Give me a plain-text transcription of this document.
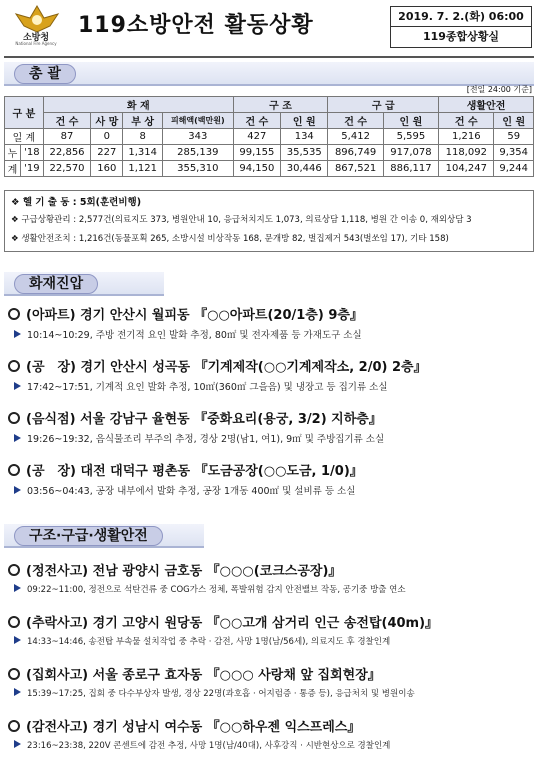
소방청
National Fire Agency
119소방안전 활동상황	2019. 7. 2.(화) 06:00
119종합상황실
총 괄
[전일 24:00 기준]
구 분		화 재				구 조		구 급		생활안전	
		건 수	사 망	부 상	피해액(백만원)	건 수	인 원	건 수	인 원	건 수	인 원
일 계		87	0	8	343	427	134	5,412	5,595	1,216	59
누	'18	22,856	227	1,314	285,139	99,155	35,535	896,749	917,078	118,092	9,354
계	'19	22,570	160	1,121	355,310	94,150	30,446	867,521	886,117	104,247	9,244
❖ 헬 기 출 동 : 5회(훈련비행)
❖ 구급상황관리 : 2,577건(의료지도 373, 병원안내 10, 응급처치지도 1,073, 의료상담 1,118, 병원 간 이송 0, 재외상담 3
❖ 생활안전조치 : 1,216건(동물포획 265, 소방시설 비상작동 168, 문개방 82, 벌집제거 543(벌쏘임 17), 기타 158)
화재진압
(아파트) 경기 안산시 월피동 『○○아파트(20/1층) 9층』
10:14~10:29, 주방 전기적 요인 발화 추정, 80㎡ 및 전자제품 등 가재도구 소실
(공　장) 경기 안산시 성곡동 『기계제작(○○기계제작소, 2/0) 2층』
17:42~17:51, 기계적 요인 발화 추정, 10㎡(360㎡ 그을음) 및 냉장고 등 집기류 소실
(음식점) 서울 강남구 율현동 『중화요리(용궁, 3/2) 지하층』
19:26~19:32, 음식물조리 부주의 추정, 경상 2명(남1, 여1), 9㎡ 및 주방집기류 소실
(공　장) 대전 대덕구 평촌동 『도금공장(○○도금, 1/0)』
03:56~04:43, 공장 내부에서 발화 추정, 공장 1개동 400㎡ 및 설비류 등 소실
구조·구급·생활안전
(정전사고) 전남 광양시 금호동 『○○○(코크스공장)』
09:22~11:00, 정전으로 석탄건류 중 COG가스 정체, 폭발위험 감지 안전밸브 작동, 공기중 방출 연소
(추락사고) 경기 고양시 원당동 『○○고개 삼거리 인근 송전탑(40m)』
14:33~14:46, 송전탑 부속물 설치작업 중 추락 · 감전, 사망 1명(남/56세), 의료지도 후 경찰인계
(집회사고) 서울 종로구 효자동 『○○○ 사랑채 앞 집회현장』
15:39~17:25, 집회 중 다수부상자 발생, 경상 22명(과호흡 · 어지럼증 · 통증 등), 응급처치 및 병원이송
(감전사고) 경기 성남시 여수동 『○○하우젠 익스프레스』
23:16~23:38, 220V 콘센트에 감전 추정, 사망 1명(남/40대), 사후강직 · 시반현상으로 경찰인계
